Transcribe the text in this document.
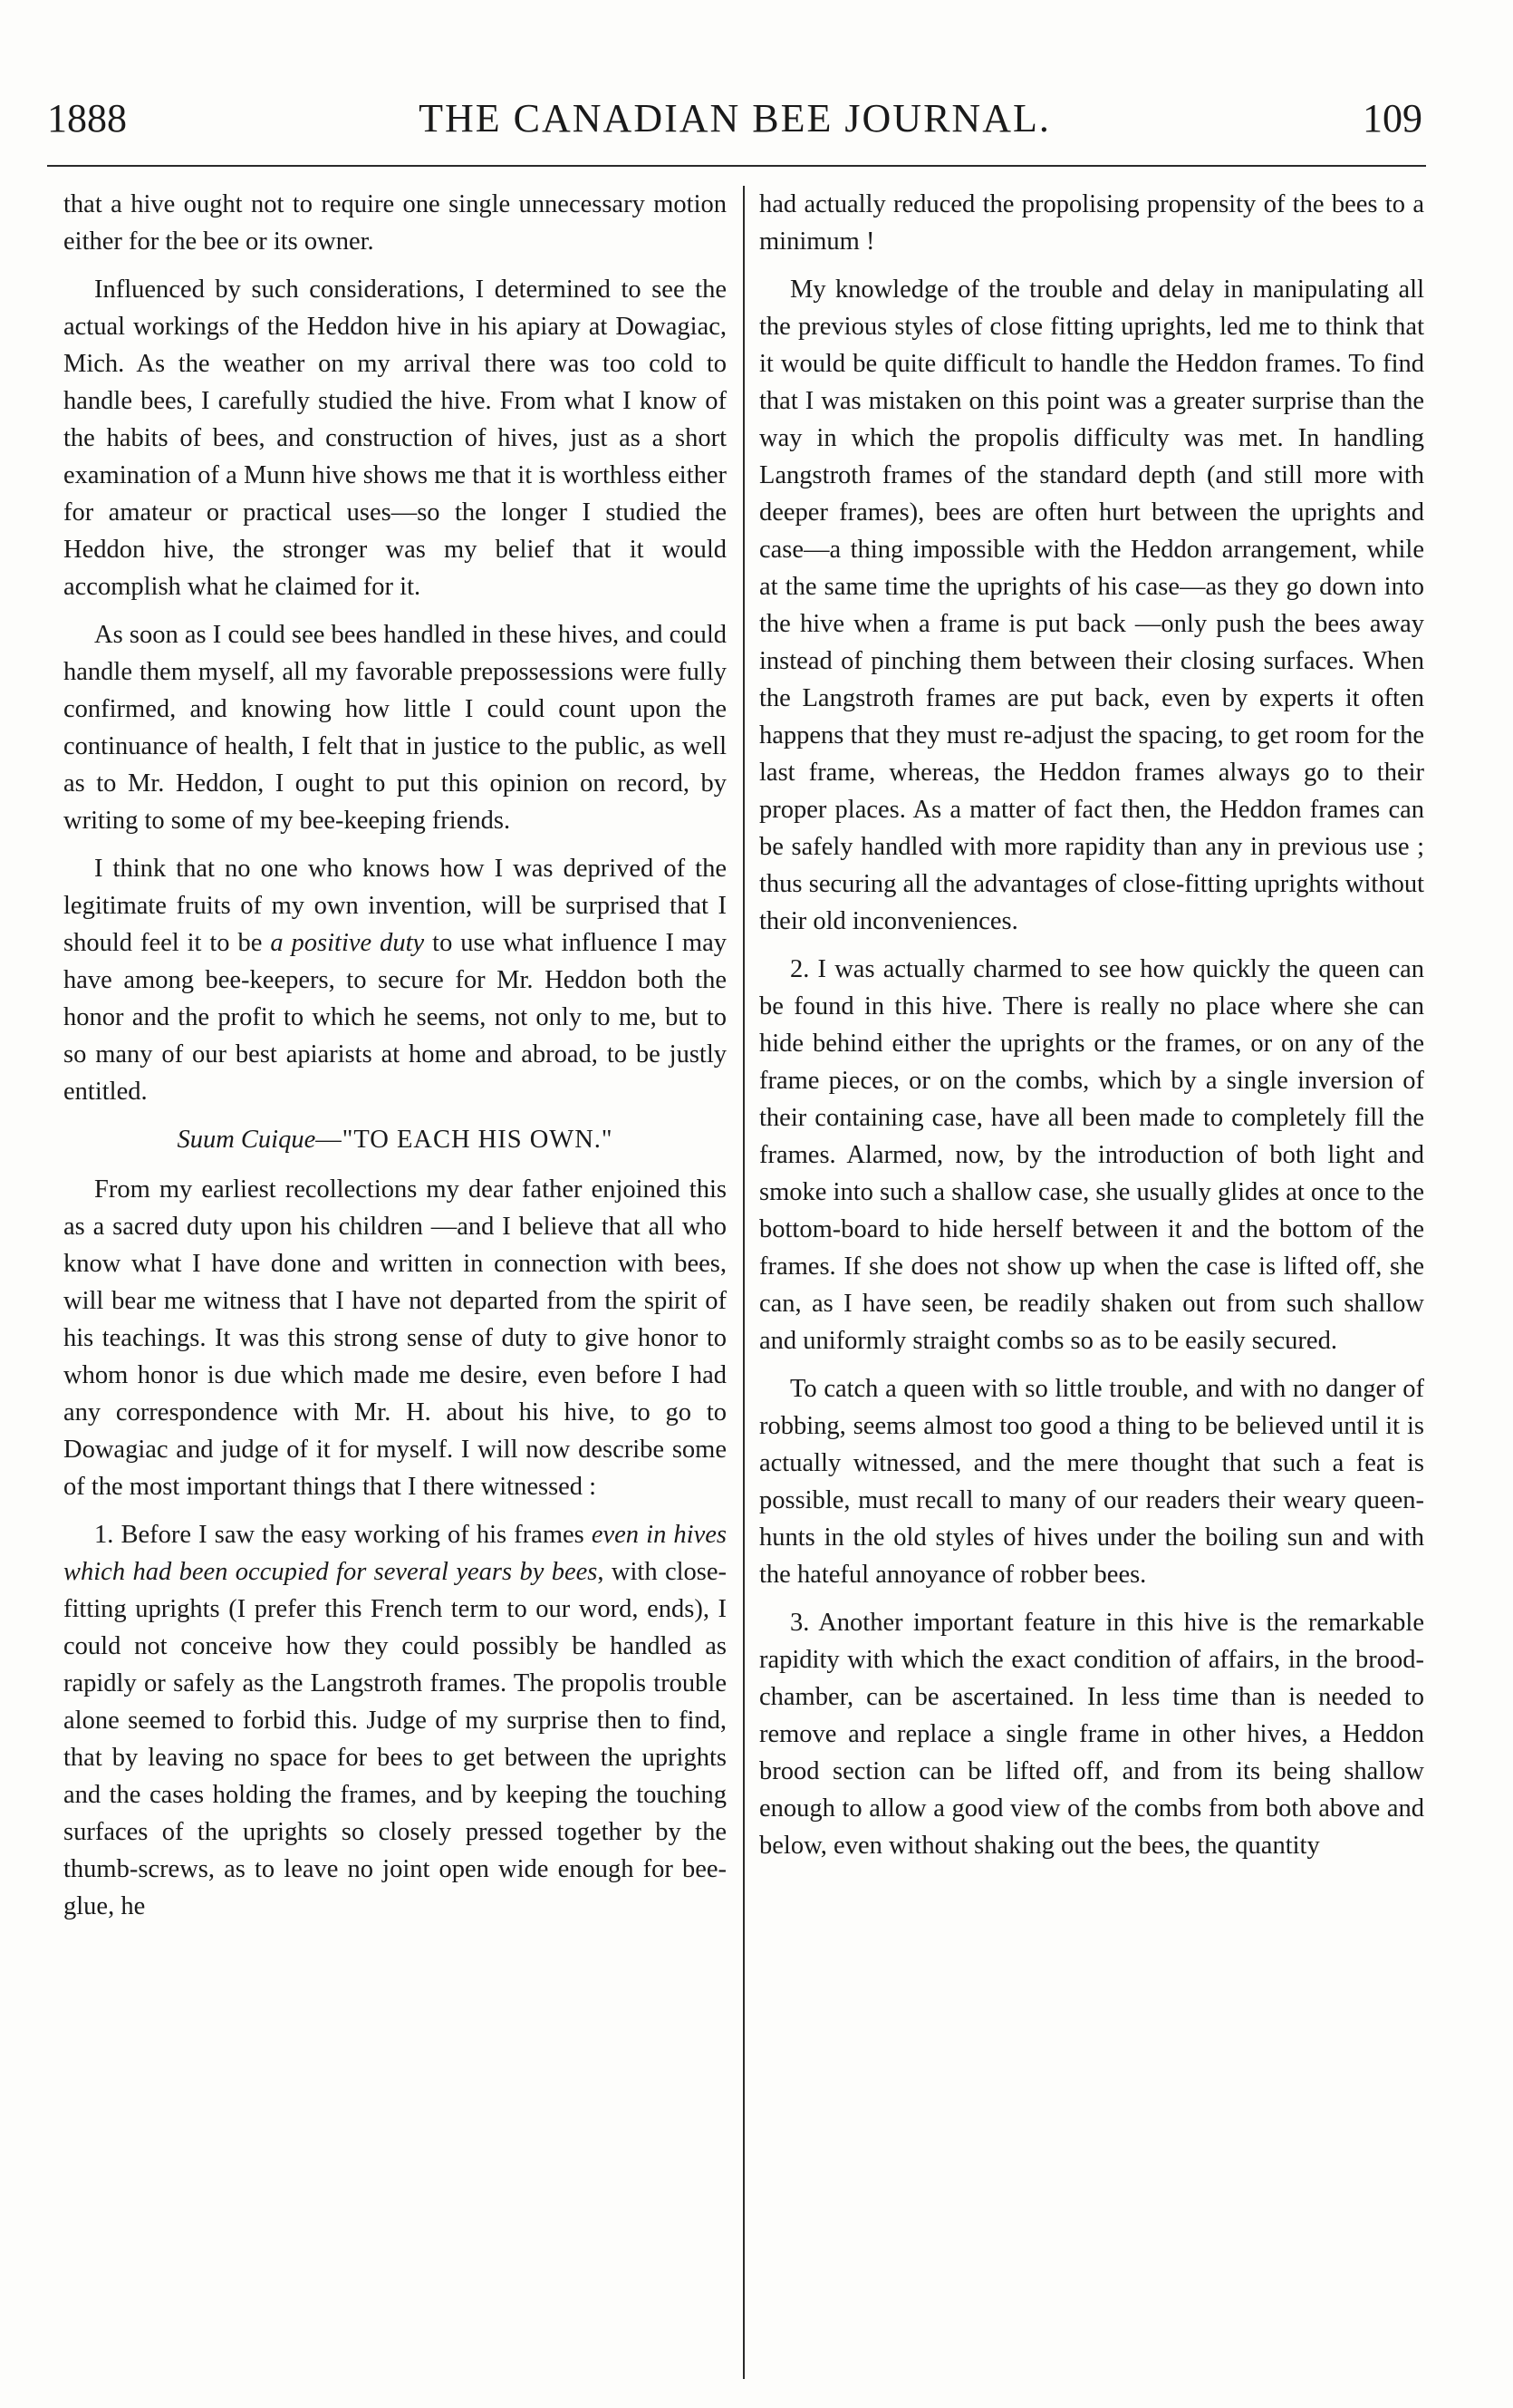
1888	THE CANADIAN BEE JOURNAL.	109

that a hive ought not to require one single unnecessary motion either for the bee or its owner.

Influenced by such considerations, I determined to see the actual workings of the Heddon hive in his apiary at Dowagiac, Mich. As the weather on my arrival there was too cold to handle bees, I carefully studied the hive. From what I know of the habits of bees, and construction of hives, just as a short examination of a Munn hive shows me that it is worthless either for amateur or practical uses—so the longer I studied the Heddon hive, the stronger was my belief that it would accomplish what he claimed for it.

As soon as I could see bees handled in these hives, and could handle them myself, all my favorable prepossessions were fully confirmed, and knowing how little I could count upon the continuance of health, I felt that in justice to the public, as well as to Mr. Heddon, I ought to put this opinion on record, by writing to some of my bee-keeping friends.

I think that no one who knows how I was deprived of the legitimate fruits of my own invention, will be surprised that I should feel it to be a positive duty to use what influence I may have among bee-keepers, to secure for Mr. Heddon both the honor and the profit to which he seems, not only to me, but to so many of our best apiarists at home and abroad, to be justly entitled.

Suum Cuique—"TO EACH HIS OWN."

From my earliest recollections my dear father enjoined this as a sacred duty upon his children —and I believe that all who know what I have done and written in connection with bees, will bear me witness that I have not departed from the spirit of his teachings. It was this strong sense of duty to give honor to whom honor is due which made me desire, even before I had any correspondence with Mr. H. about his hive, to go to Dowagiac and judge of it for myself. I will now describe some of the most important things that I there witnessed :

1. Before I saw the easy working of his frames even in hives which had been occupied for several years by bees, with close-fitting uprights (I prefer this French term to our word, ends), I could not conceive how they could possibly be handled as rapidly or safely as the Langstroth frames. The propolis trouble alone seemed to forbid this. Judge of my surprise then to find, that by leaving no space for bees to get between the uprights and the cases holding the frames, and by keeping the touching surfaces of the uprights so closely pressed together by the thumb-screws, as to leave no joint open wide enough for bee-glue, he

had actually reduced the propolising propensity of the bees to a minimum !

My knowledge of the trouble and delay in manipulating all the previous styles of close fitting uprights, led me to think that it would be quite difficult to handle the Heddon frames. To find that I was mistaken on this point was a greater surprise than the way in which the propolis difficulty was met. In handling Langstroth frames of the standard depth (and still more with deeper frames), bees are often hurt between the uprights and case—a thing impossible with the Heddon arrangement, while at the same time the uprights of his case—as they go down into the hive when a frame is put back —only push the bees away instead of pinching them between their closing surfaces. When the Langstroth frames are put back, even by experts it often happens that they must re-adjust the spacing, to get room for the last frame, whereas, the Heddon frames always go to their proper places. As a matter of fact then, the Heddon frames can be safely handled with more rapidity than any in previous use ; thus securing all the advantages of close-fitting uprights without their old inconveniences.

2. I was actually charmed to see how quickly the queen can be found in this hive. There is really no place where she can hide behind either the uprights or the frames, or on any of the frame pieces, or on the combs, which by a single inversion of their containing case, have all been made to completely fill the frames. Alarmed, now, by the introduction of both light and smoke into such a shallow case, she usually glides at once to the bottom-board to hide herself between it and the bottom of the frames. If she does not show up when the case is lifted off, she can, as I have seen, be readily shaken out from such shallow and uniformly straight combs so as to be easily secured.

To catch a queen with so little trouble, and with no danger of robbing, seems almost too good a thing to be believed until it is actually witnessed, and the mere thought that such a feat is possible, must recall to many of our readers their weary queen-hunts in the old styles of hives under the boiling sun and with the hateful annoyance of robber bees.

3. Another important feature in this hive is the remarkable rapidity with which the exact condition of affairs, in the brood-chamber, can be ascertained. In less time than is needed to remove and replace a single frame in other hives, a Heddon brood section can be lifted off, and from its being shallow enough to allow a good view of the combs from both above and below, even without shaking out the bees, the quantity
